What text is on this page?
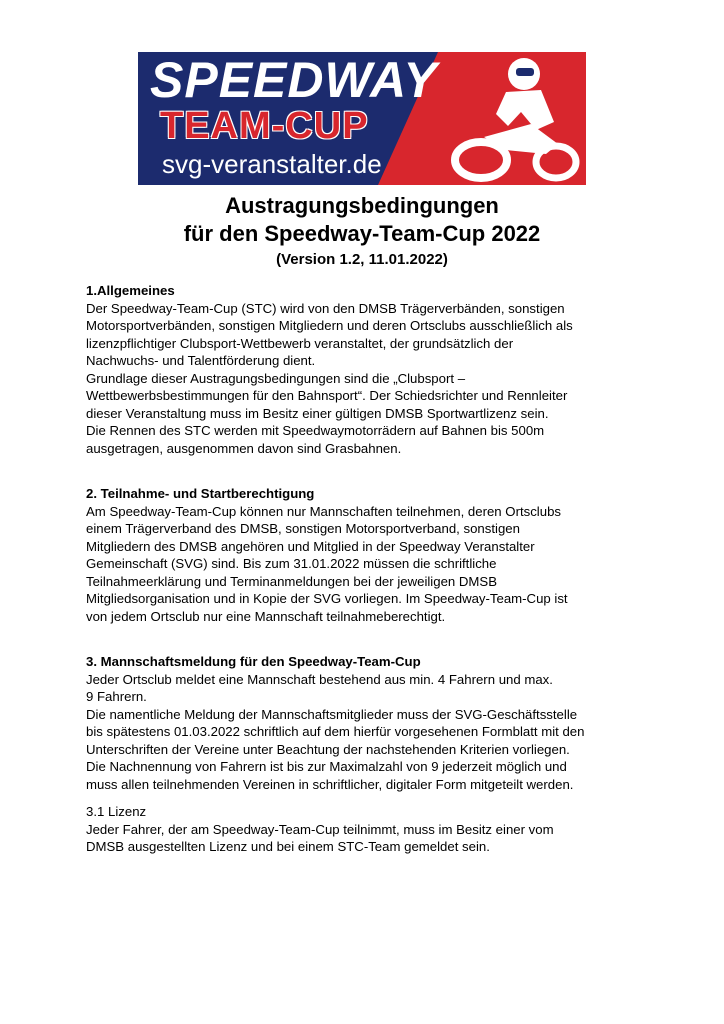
SPEEDWAY
TEAM-CUP
svg-veranstalter.de
Austragungsbedingungen
für den Speedway-Team-Cup 2022
(Version 1.2, 11.01.2022)
1.Allgemeines
Der Speedway-Team-Cup (STC) wird von den DMSB Trägerverbänden, sonstigen
Motorsportverbänden, sonstigen Mitgliedern und deren Ortsclubs ausschließlich als
lizenzpflichtiger Clubsport-Wettbewerb veranstaltet, der grundsätzlich der
Nachwuchs- und Talentförderung dient.
Grundlage dieser Austragungsbedingungen sind die „Clubsport –
Wettbewerbsbestimmungen für den Bahnsport“. Der Schiedsrichter und Rennleiter
dieser Veranstaltung muss im Besitz einer gültigen DMSB Sportwartlizenz sein.
Die Rennen des STC werden mit Speedwaymotorrädern auf Bahnen bis 500m
ausgetragen, ausgenommen davon sind Grasbahnen.
2. Teilnahme- und Startberechtigung
Am Speedway-Team-Cup können nur Mannschaften teilnehmen, deren Ortsclubs
einem Trägerverband des DMSB, sonstigen Motorsportverband, sonstigen
Mitgliedern des DMSB angehören und Mitglied in der Speedway Veranstalter
Gemeinschaft (SVG) sind. Bis zum 31.01.2022 müssen die schriftliche
Teilnahmeerklärung und Terminanmeldungen bei der jeweiligen DMSB
Mitgliedsorganisation und in Kopie der SVG vorliegen. Im Speedway-Team-Cup ist
von jedem Ortsclub nur eine Mannschaft teilnahmeberechtigt.
3. Mannschaftsmeldung für den Speedway-Team-Cup
Jeder Ortsclub meldet eine Mannschaft bestehend aus min. 4 Fahrern und max.
9 Fahrern.
Die namentliche Meldung der Mannschaftsmitglieder muss der SVG-Geschäftsstelle
bis spätestens 01.03.2022 schriftlich auf dem hierfür vorgesehenen Formblatt mit den
Unterschriften der Vereine unter Beachtung der nachstehenden Kriterien vorliegen.
Die Nachnennung von Fahrern ist bis zur Maximalzahl von 9 jederzeit möglich und
muss allen teilnehmenden Vereinen in schriftlicher, digitaler Form mitgeteilt werden.
3.1 Lizenz
Jeder Fahrer, der am Speedway-Team-Cup teilnimmt, muss im Besitz einer vom
DMSB ausgestellten Lizenz und bei einem STC-Team gemeldet sein.
